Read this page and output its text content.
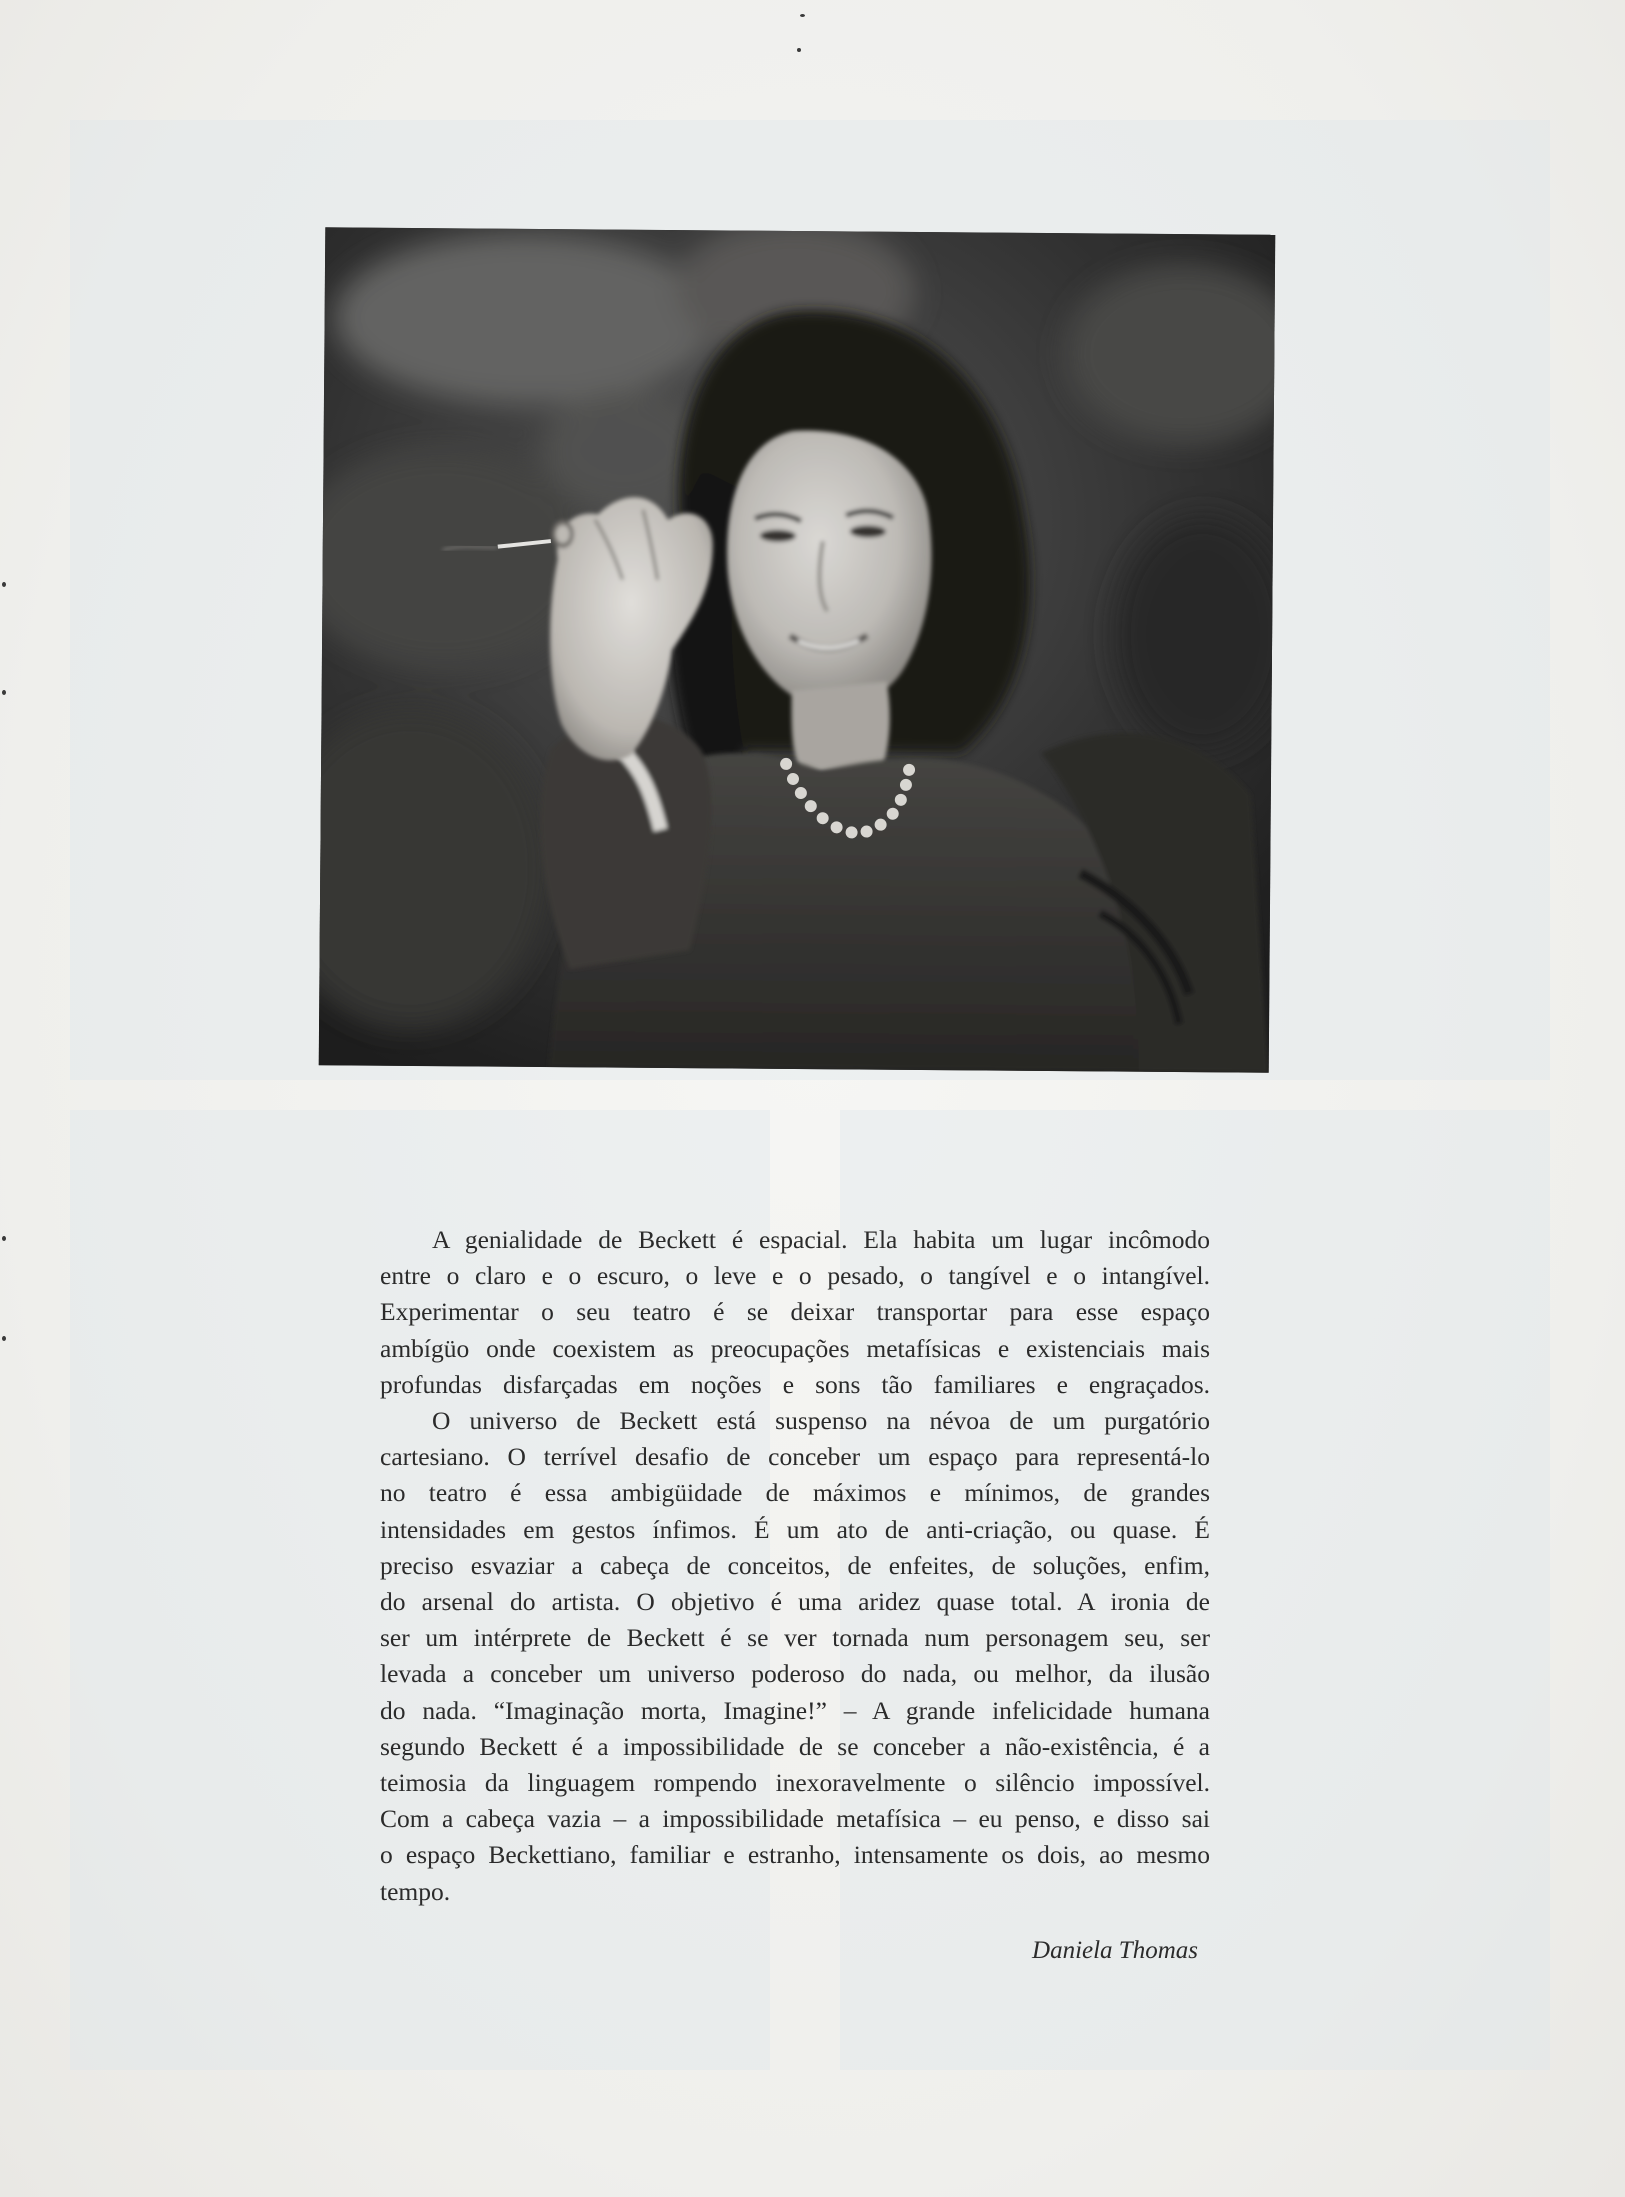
A genialidade de Beckett é espacial. Ela habita um lugar incômodo
entre o claro e o escuro, o leve e o pesado, o tangível e o intangível.
Experimentar o seu teatro é se deixar transportar para esse espaço
ambígüo onde coexistem as preocupações metafísicas e existenciais mais
profundas disfarçadas em noções e sons tão familiares e engraçados.
O universo de Beckett está suspenso na névoa de um purgatório
cartesiano. O terrível desafio de conceber um espaço para representá-lo
no teatro é essa ambigüidade de máximos e mínimos, de grandes
intensidades em gestos ínfimos. É um ato de anti-criação, ou quase. É
preciso esvaziar a cabeça de conceitos, de enfeites, de soluções, enfim,
do arsenal do artista. O objetivo é uma aridez quase total. A ironia de
ser um intérprete de Beckett é se ver tornada num personagem seu, ser
levada a conceber um universo poderoso do nada, ou melhor, da ilusão
do nada. “Imaginação morta, Imagine!” – A grande infelicidade humana
segundo Beckett é a impossibilidade de se conceber a não-existência, é a
teimosia da linguagem rompendo inexoravelmente o silêncio impossível.
Com a cabeça vazia – a impossibilidade metafísica – eu penso, e disso sai
o espaço Beckettiano, familiar e estranho, intensamente os dois, ao mesmo
tempo.
Daniela Thomas
